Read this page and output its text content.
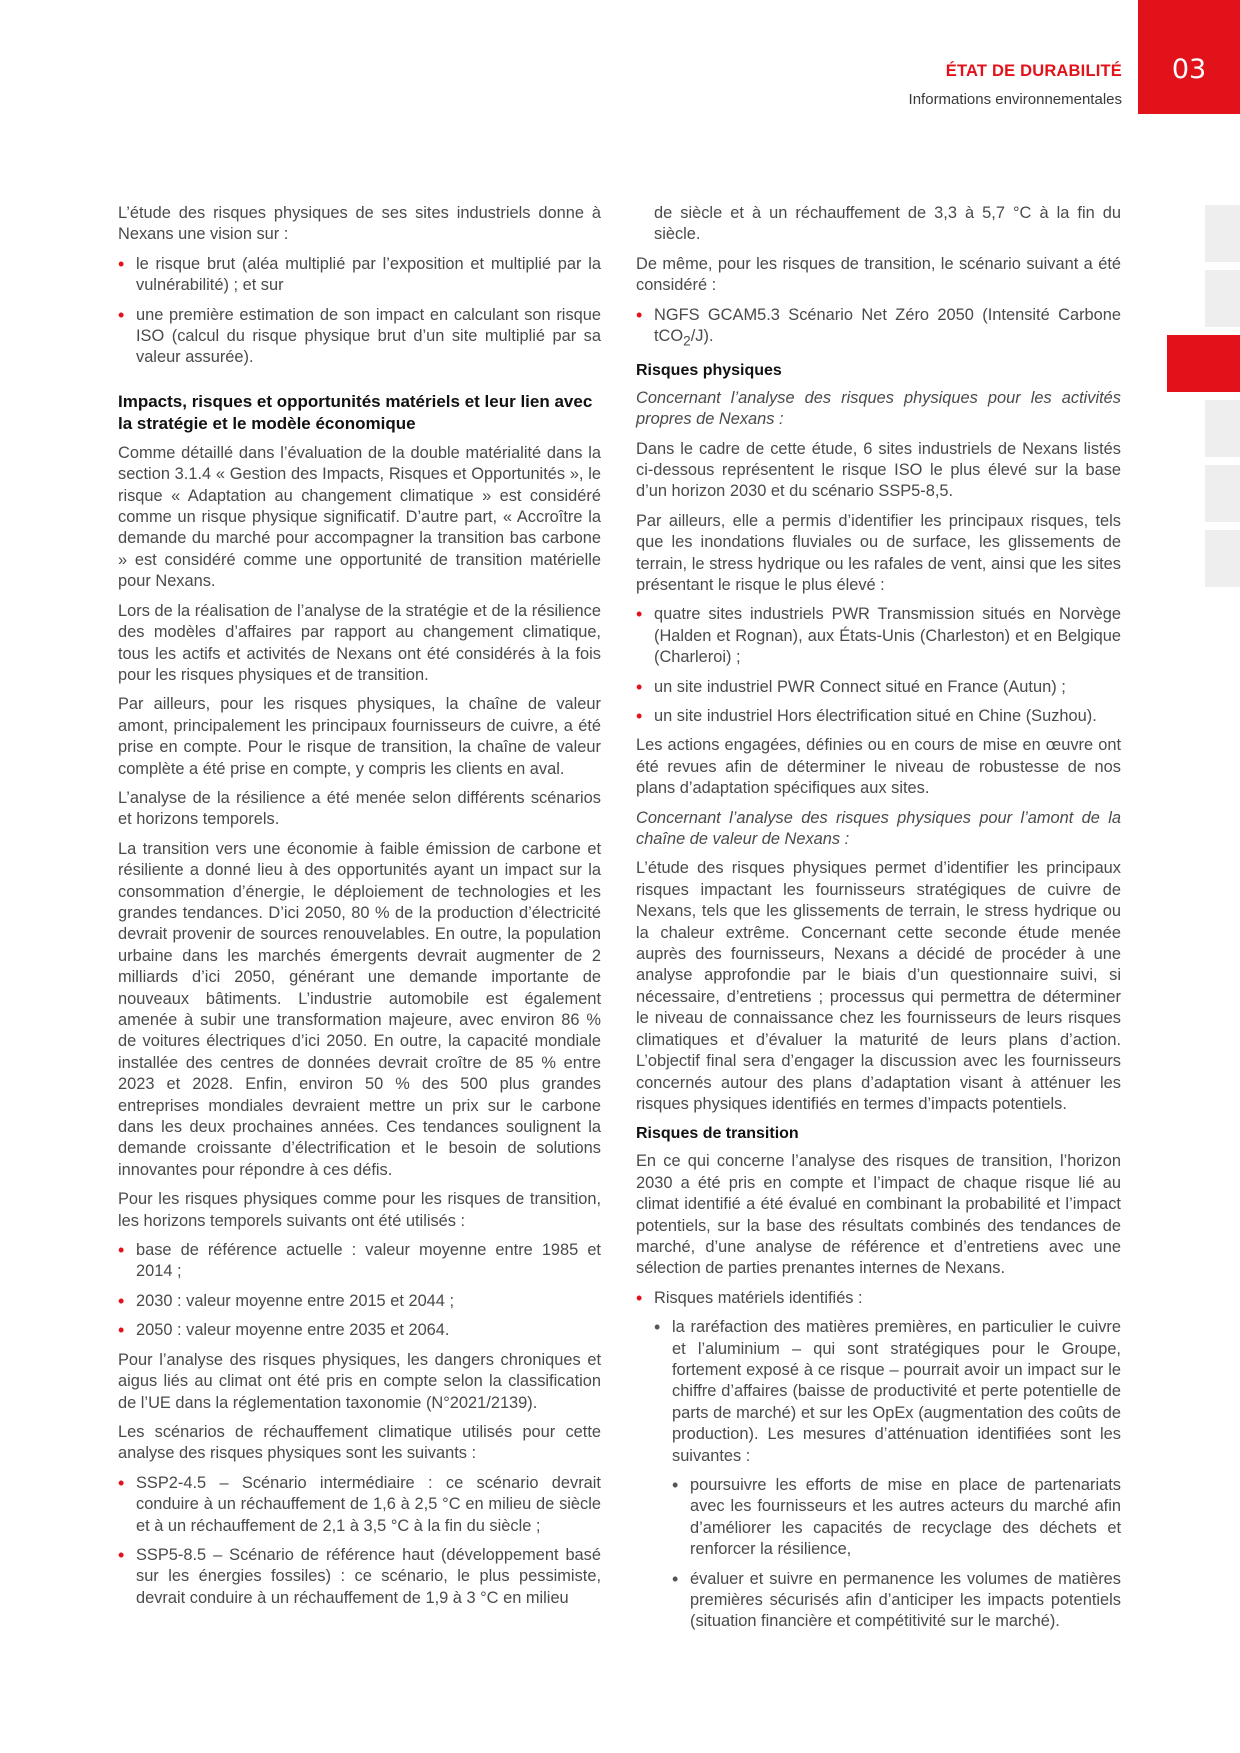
03
ÉTAT DE DURABILITÉ
Informations environnementales

L’étude des risques physiques de ses sites industriels donne à Nexans une vision sur :

• le risque brut (aléa multiplié par l’exposition et multiplié par la vulnérabilité) ; et sur
• une première estimation de son impact en calculant son risque ISO (calcul du risque physique brut d’un site multiplié par sa valeur assurée).
Impacts, risques et opportunités matériels et leur lien avec la stratégie et le modèle économique

Comme détaillé dans l’évaluation de la double matérialité dans la section 3.1.4 « Gestion des Impacts, Risques et Opportunités », le risque « Adaptation au changement climatique » est considéré comme un risque physique significatif. D’autre part, « Accroître la demande du marché pour accompagner la transition bas carbone » est considéré comme une opportunité de transition matérielle pour Nexans.

Lors de la réalisation de l’analyse de la stratégie et de la résilience des modèles d’affaires par rapport au changement climatique, tous les actifs et activités de Nexans ont été considérés à la fois pour les risques physiques et de transition.

Par ailleurs, pour les risques physiques, la chaîne de valeur amont, principalement les principaux fournisseurs de cuivre, a été prise en compte. Pour le risque de transition, la chaîne de valeur complète a été prise en compte, y compris les clients en aval.

L’analyse de la résilience a été menée selon différents scénarios et horizons temporels.

La transition vers une économie à faible émission de carbone et résiliente a donné lieu à des opportunités ayant un impact sur la consommation d’énergie, le déploiement de technologies et les grandes tendances. D’ici 2050, 80 % de la production d’électricité devrait provenir de sources renouvelables. En outre, la population urbaine dans les marchés émergents devrait augmenter de 2 milliards d’ici 2050, générant une demande importante de nouveaux bâtiments. L’industrie automobile est également amenée à subir une transformation majeure, avec environ 86 % de voitures électriques d’ici 2050. En outre, la capacité mondiale installée des centres de données devrait croître de 85 % entre 2023 et 2028. Enfin, environ 50 % des 500 plus grandes entreprises mondiales devraient mettre un prix sur le carbone dans les deux prochaines années. Ces tendances soulignent la demande croissante d’électrification et le besoin de solutions innovantes pour répondre à ces défis.

Pour les risques physiques comme pour les risques de transition, les horizons temporels suivants ont été utilisés :

• base de référence actuelle : valeur moyenne entre 1985 et 2014 ;
• 2030 : valeur moyenne entre 2015 et 2044 ;
• 2050 : valeur moyenne entre 2035 et 2064.

Pour l’analyse des risques physiques, les dangers chroniques et aigus liés au climat ont été pris en compte selon la classification de l’UE dans la réglementation taxonomie (N°2021/2139).

Les scénarios de réchauffement climatique utilisés pour cette analyse des risques physiques sont les suivants :

• SSP2-4.5 – Scénario intermédiaire : ce scénario devrait conduire à un réchauffement de 1,6 à 2,5 °C en milieu de siècle et à un réchauffement de 2,1 à 3,5 °C à la fin du siècle ;
• SSP5-8.5 – Scénario de référence haut (développement basé sur les énergies fossiles) : ce scénario, le plus pessimiste, devrait conduire à un réchauffement de 1,9 à 3 °C en milieu

de siècle et à un réchauffement de 3,3 à 5,7 °C à la fin du siècle.

De même, pour les risques de transition, le scénario suivant a été considéré :

• NGFS GCAM5.3 Scénario Net Zéro 2050 (Intensité Carbone tCO$_2$/J).
Risques physiques

Concernant l’analyse des risques physiques pour les activités propres de Nexans :

Dans le cadre de cette étude, 6 sites industriels de Nexans listés ci-dessous représentent le risque ISO le plus élevé sur la base d’un horizon 2030 et du scénario SSP5-8,5.

Par ailleurs, elle a permis d’identifier les principaux risques, tels que les inondations fluviales ou de surface, les glissements de terrain, le stress hydrique ou les rafales de vent, ainsi que les sites présentant le risque le plus élevé :

• quatre sites industriels PWR Transmission situés en Norvège (Halden et Rognan), aux États-Unis (Charleston) et en Belgique (Charleroi) ;
• un site industriel PWR Connect situé en France (Autun) ;
• un site industriel Hors électrification situé en Chine (Suzhou).

Les actions engagées, définies ou en cours de mise en œuvre ont été revues afin de déterminer le niveau de robustesse de nos plans d’adaptation spécifiques aux sites.

Concernant l’analyse des risques physiques pour l’amont de la chaîne de valeur de Nexans :

L’étude des risques physiques permet d’identifier les principaux risques impactant les fournisseurs stratégiques de cuivre de Nexans, tels que les glissements de terrain, le stress hydrique ou la chaleur extrême. Concernant cette seconde étude menée auprès des fournisseurs, Nexans a décidé de procéder à une analyse approfondie par le biais d’un questionnaire suivi, si nécessaire, d’entretiens ; processus qui permettra de déterminer le niveau de connaissance chez les fournisseurs de leurs risques climatiques et d’évaluer la maturité de leurs plans d’action. L’objectif final sera d’engager la discussion avec les fournisseurs concernés autour des plans d’adaptation visant à atténuer les risques physiques identifiés en termes d’impacts potentiels.

Risques de transition

En ce qui concerne l’analyse des risques de transition, l’horizon 2030 a été pris en compte et l’impact de chaque risque lié au climat identifié a été évalué en combinant la probabilité et l’impact potentiels, sur la base des résultats combinés des tendances de marché, d’une analyse de référence et d’entretiens avec une sélection de parties prenantes internes de Nexans.

• Risques matériels identifiés :
• la raréfaction des matières premières, en particulier le cuivre et l’aluminium – qui sont stratégiques pour le Groupe, fortement exposé à ce risque – pourrait avoir un impact sur le chiffre d’affaires (baisse de productivité et perte potentielle de parts de marché) et sur les OpEx (augmentation des coûts de production). Les mesures d’atténuation identifiées sont les suivantes :
• poursuivre les efforts de mise en place de partenariats avec les fournisseurs et les autres acteurs du marché afin d’améliorer les capacités de recyclage des déchets et renforcer la résilience,
• évaluer et suivre en permanence les volumes de matières premières sécurisés afin d’anticiper les impacts potentiels (situation financière et compétitivité sur le marché).
